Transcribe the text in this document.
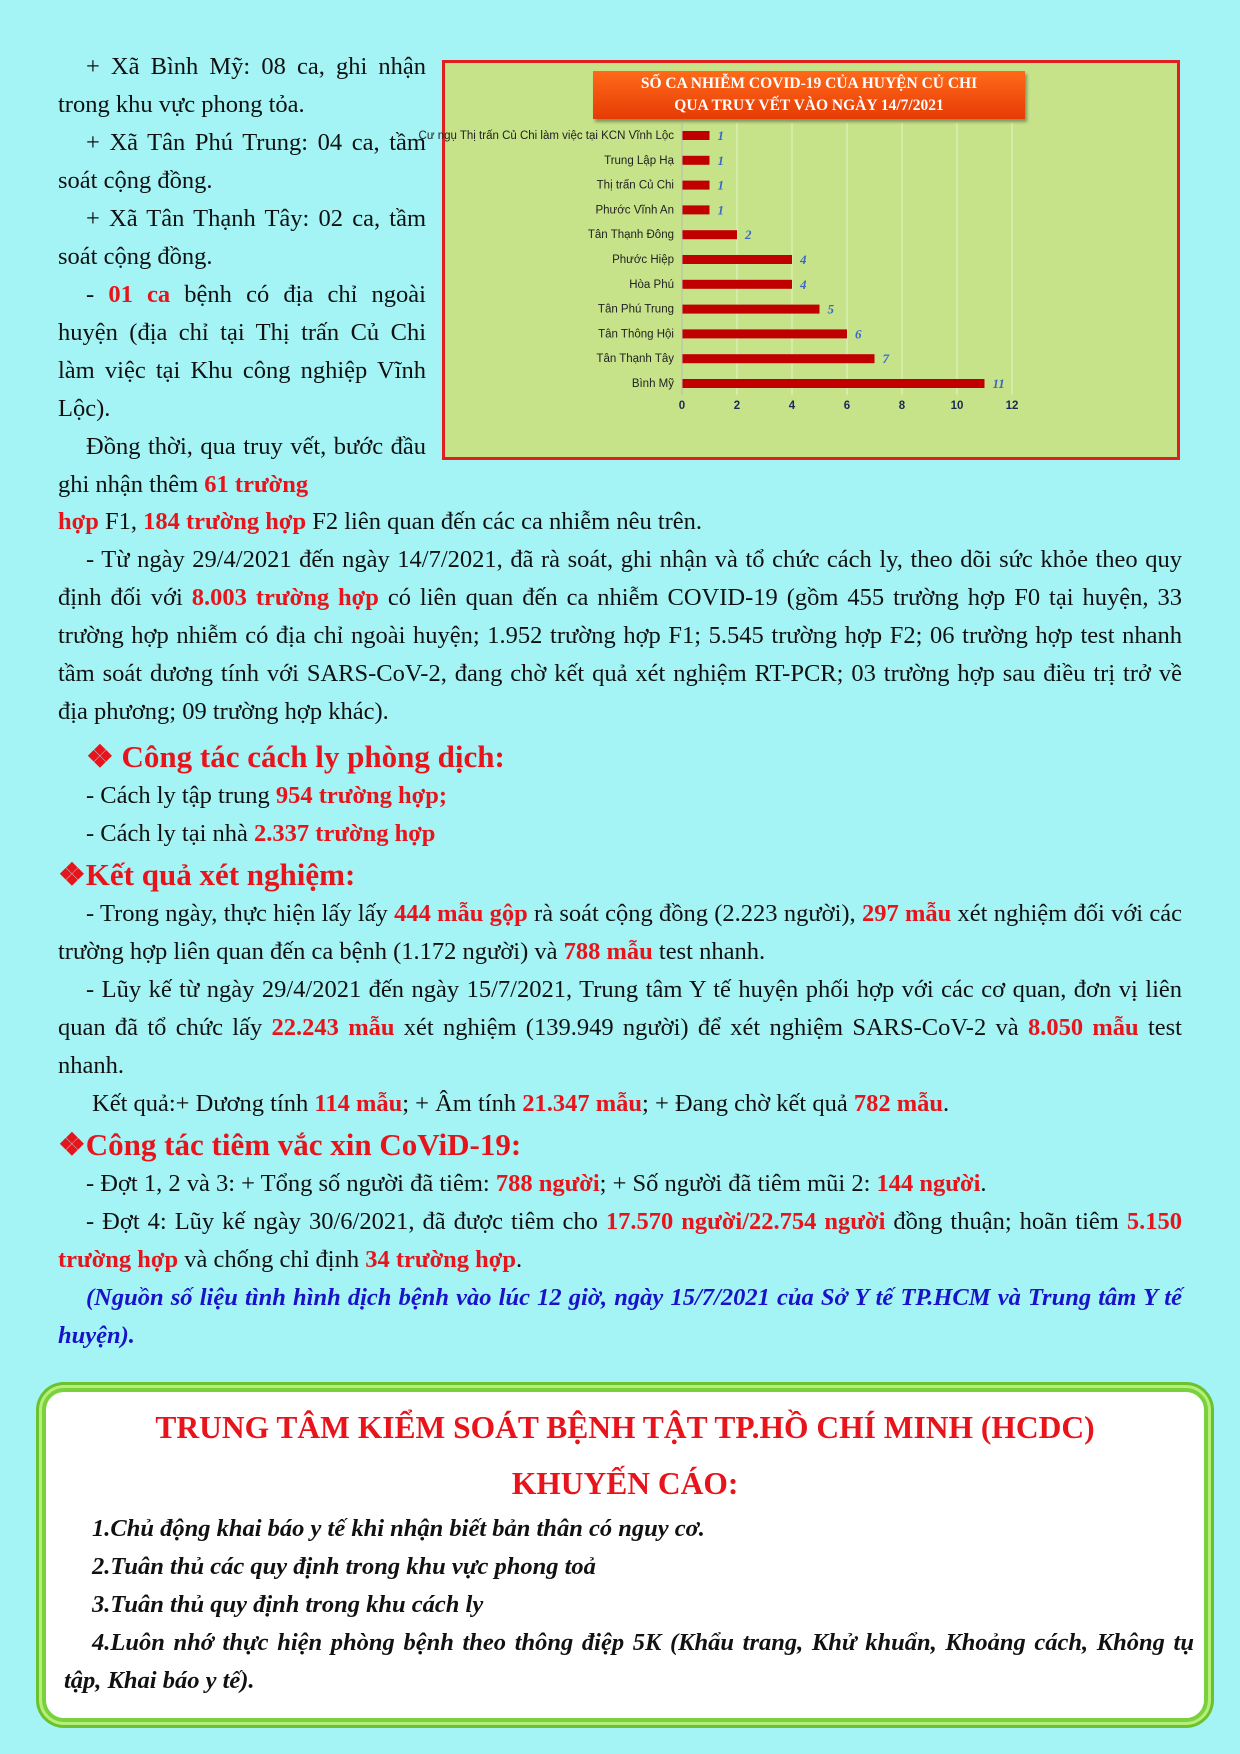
+ Xã Bình Mỹ: 08 ca, ghi nhận trong khu vực phong tỏa.

+ Xã Tân Phú Trung: 04 ca, tầm soát cộng đồng.

+ Xã Tân Thạnh Tây: 02 ca, tầm soát cộng đồng.

- 01 ca bệnh có địa chỉ ngoài huyện (địa chỉ tại Thị trấn Củ Chi làm việc tại Khu công nghiệp Vĩnh Lộc).

Đồng thời, qua truy vết, bước đầu ghi nhận thêm 61 trường

0	2	4	6	8	10	12
Cư ngụ Thị trấn Củ Chi làm việc tại KCN Vĩnh Lộc	1
Trung Lập Hạ	1
Thị trấn Củ Chi	1
Phước Vĩnh An	1
Tân Thạnh Đông	2
Phước Hiệp	4
Hòa Phú	4
Tân Phú Trung	5
Tân Thông Hội	6
Tân Thạnh Tây	7
Bình Mỹ	11
SỐ CA NHIỄM COVID-19 CỦA HUYỆN CỦ CHI
QUA TRUY VẾT VÀO NGÀY 14/7/2021

hợp F1, 184 trường hợp F2 liên quan đến các ca nhiễm nêu trên.

- Từ ngày 29/4/2021 đến ngày 14/7/2021, đã rà soát, ghi nhận và tổ chức cách ly, theo dõi sức khỏe theo quy định đối với 8.003 trường hợp có liên quan đến ca nhiễm COVID-19 (gồm 455 trường hợp F0 tại huyện, 33 trường hợp nhiễm có địa chỉ ngoài huyện; 1.952 trường hợp F1; 5.545 trường hợp F2; 06 trường hợp test nhanh tầm soát dương tính với SARS-CoV-2, đang chờ kết quả xét nghiệm RT-PCR; 03 trường hợp sau điều trị trở về địa phương; 09 trường hợp khác).

❖ Công tác cách ly phòng dịch:

- Cách ly tập trung 954 trường hợp;

- Cách ly tại nhà 2.337 trường hợp

❖Kết quả xét nghiệm:

- Trong ngày, thực hiện lấy lấy 444 mẫu gộp rà soát cộng đồng (2.223 người), 297 mẫu xét nghiệm đối với các trường hợp liên quan đến ca bệnh (1.172 người) và 788 mẫu test nhanh.

- Lũy kế từ ngày 29/4/2021 đến ngày 15/7/2021, Trung tâm Y tế huyện phối hợp với các cơ quan, đơn vị liên quan đã tổ chức lấy 22.243 mẫu xét nghiệm (139.949 người) để xét nghiệm SARS-CoV-2 và 8.050 mẫu test nhanh.

Kết quả:+ Dương tính 114 mẫu; + Âm tính 21.347 mẫu; + Đang chờ kết quả 782 mẫu.

❖Công tác tiêm vắc xin CoViD-19:

- Đợt 1, 2 và 3: + Tổng số người đã tiêm: 788 người; + Số người đã tiêm mũi 2: 144 người.

- Đợt 4: Lũy kế ngày 30/6/2021, đã được tiêm cho 17.570 người/22.754 người đồng thuận; hoãn tiêm 5.150 trường hợp và chống chỉ định 34 trường hợp.

(Nguồn số liệu tình hình dịch bệnh vào lúc 12 giờ, ngày 15/7/2021 của Sở Y tế TP.HCM và Trung tâm Y tế huyện).

TRUNG TÂM KIỂM SOÁT BỆNH TẬT TP.HỒ CHÍ MINH (HCDC)
KHUYẾN CÁO:
1.Chủ động khai báo y tế khi nhận biết bản thân có nguy cơ.
2.Tuân thủ các quy định trong khu vực phong toả
3.Tuân thủ quy định trong khu cách ly
4.Luôn nhớ thực hiện phòng bệnh theo thông điệp 5K (Khẩu trang, Khử khuẩn, Khoảng cách, Không tụ tập, Khai báo y tế).
